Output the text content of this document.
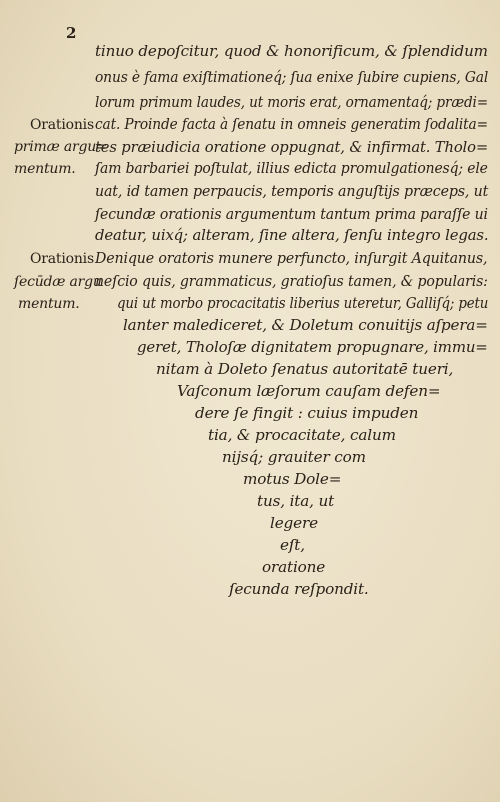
2
tinuo depoſcitur, quod & honorificum, & ſplendidum
onus è fama exiſtimationeq́; ſua enixe ſubire cupiens, Gal
lorum primum laudes, ut moris erat, ornamentaq́; prædi=
cat. Proinde facta à ſenatu in omneis generatim ſodalita=
tes præiudicia oratione oppugnat, & infirmat. Tholo=
ſam barbariei poſtulat, illius edicta promulgationesq́; ele
uat, id tamen perpaucis, temporis anguſtijs præceps, ut
ſecundæ orationis argumentum tantum prima paraſſe ui
deatur, uixq́; alteram, ſine altera, ſenſu integro legas.
Denique oratoris munere perfuncto, inſurgit Aquitanus,
neſcio quis, grammaticus, gratioſus tamen, & popularis:
qui ut morbo procacitatis liberius uteretur, Galliſq́; petu
lanter malediceret, & Doletum conuitijs aſpera=
geret, Tholoſæ dignitatem propugnare, immu=
nitam à Doleto ſenatus autoritatē tueri,
Vaſconum læſorum cauſam defen=
dere ſe fingit : cuius impuden
tia, & procacitate, calum
nijsq́; grauiter com
motus Dole=
tus, ita, ut
legere
eſt,
oratione
ſecunda reſpondit.
Orationis
primæ argu=
mentum.
Orationis
ſecūdæ argu
mentum.
